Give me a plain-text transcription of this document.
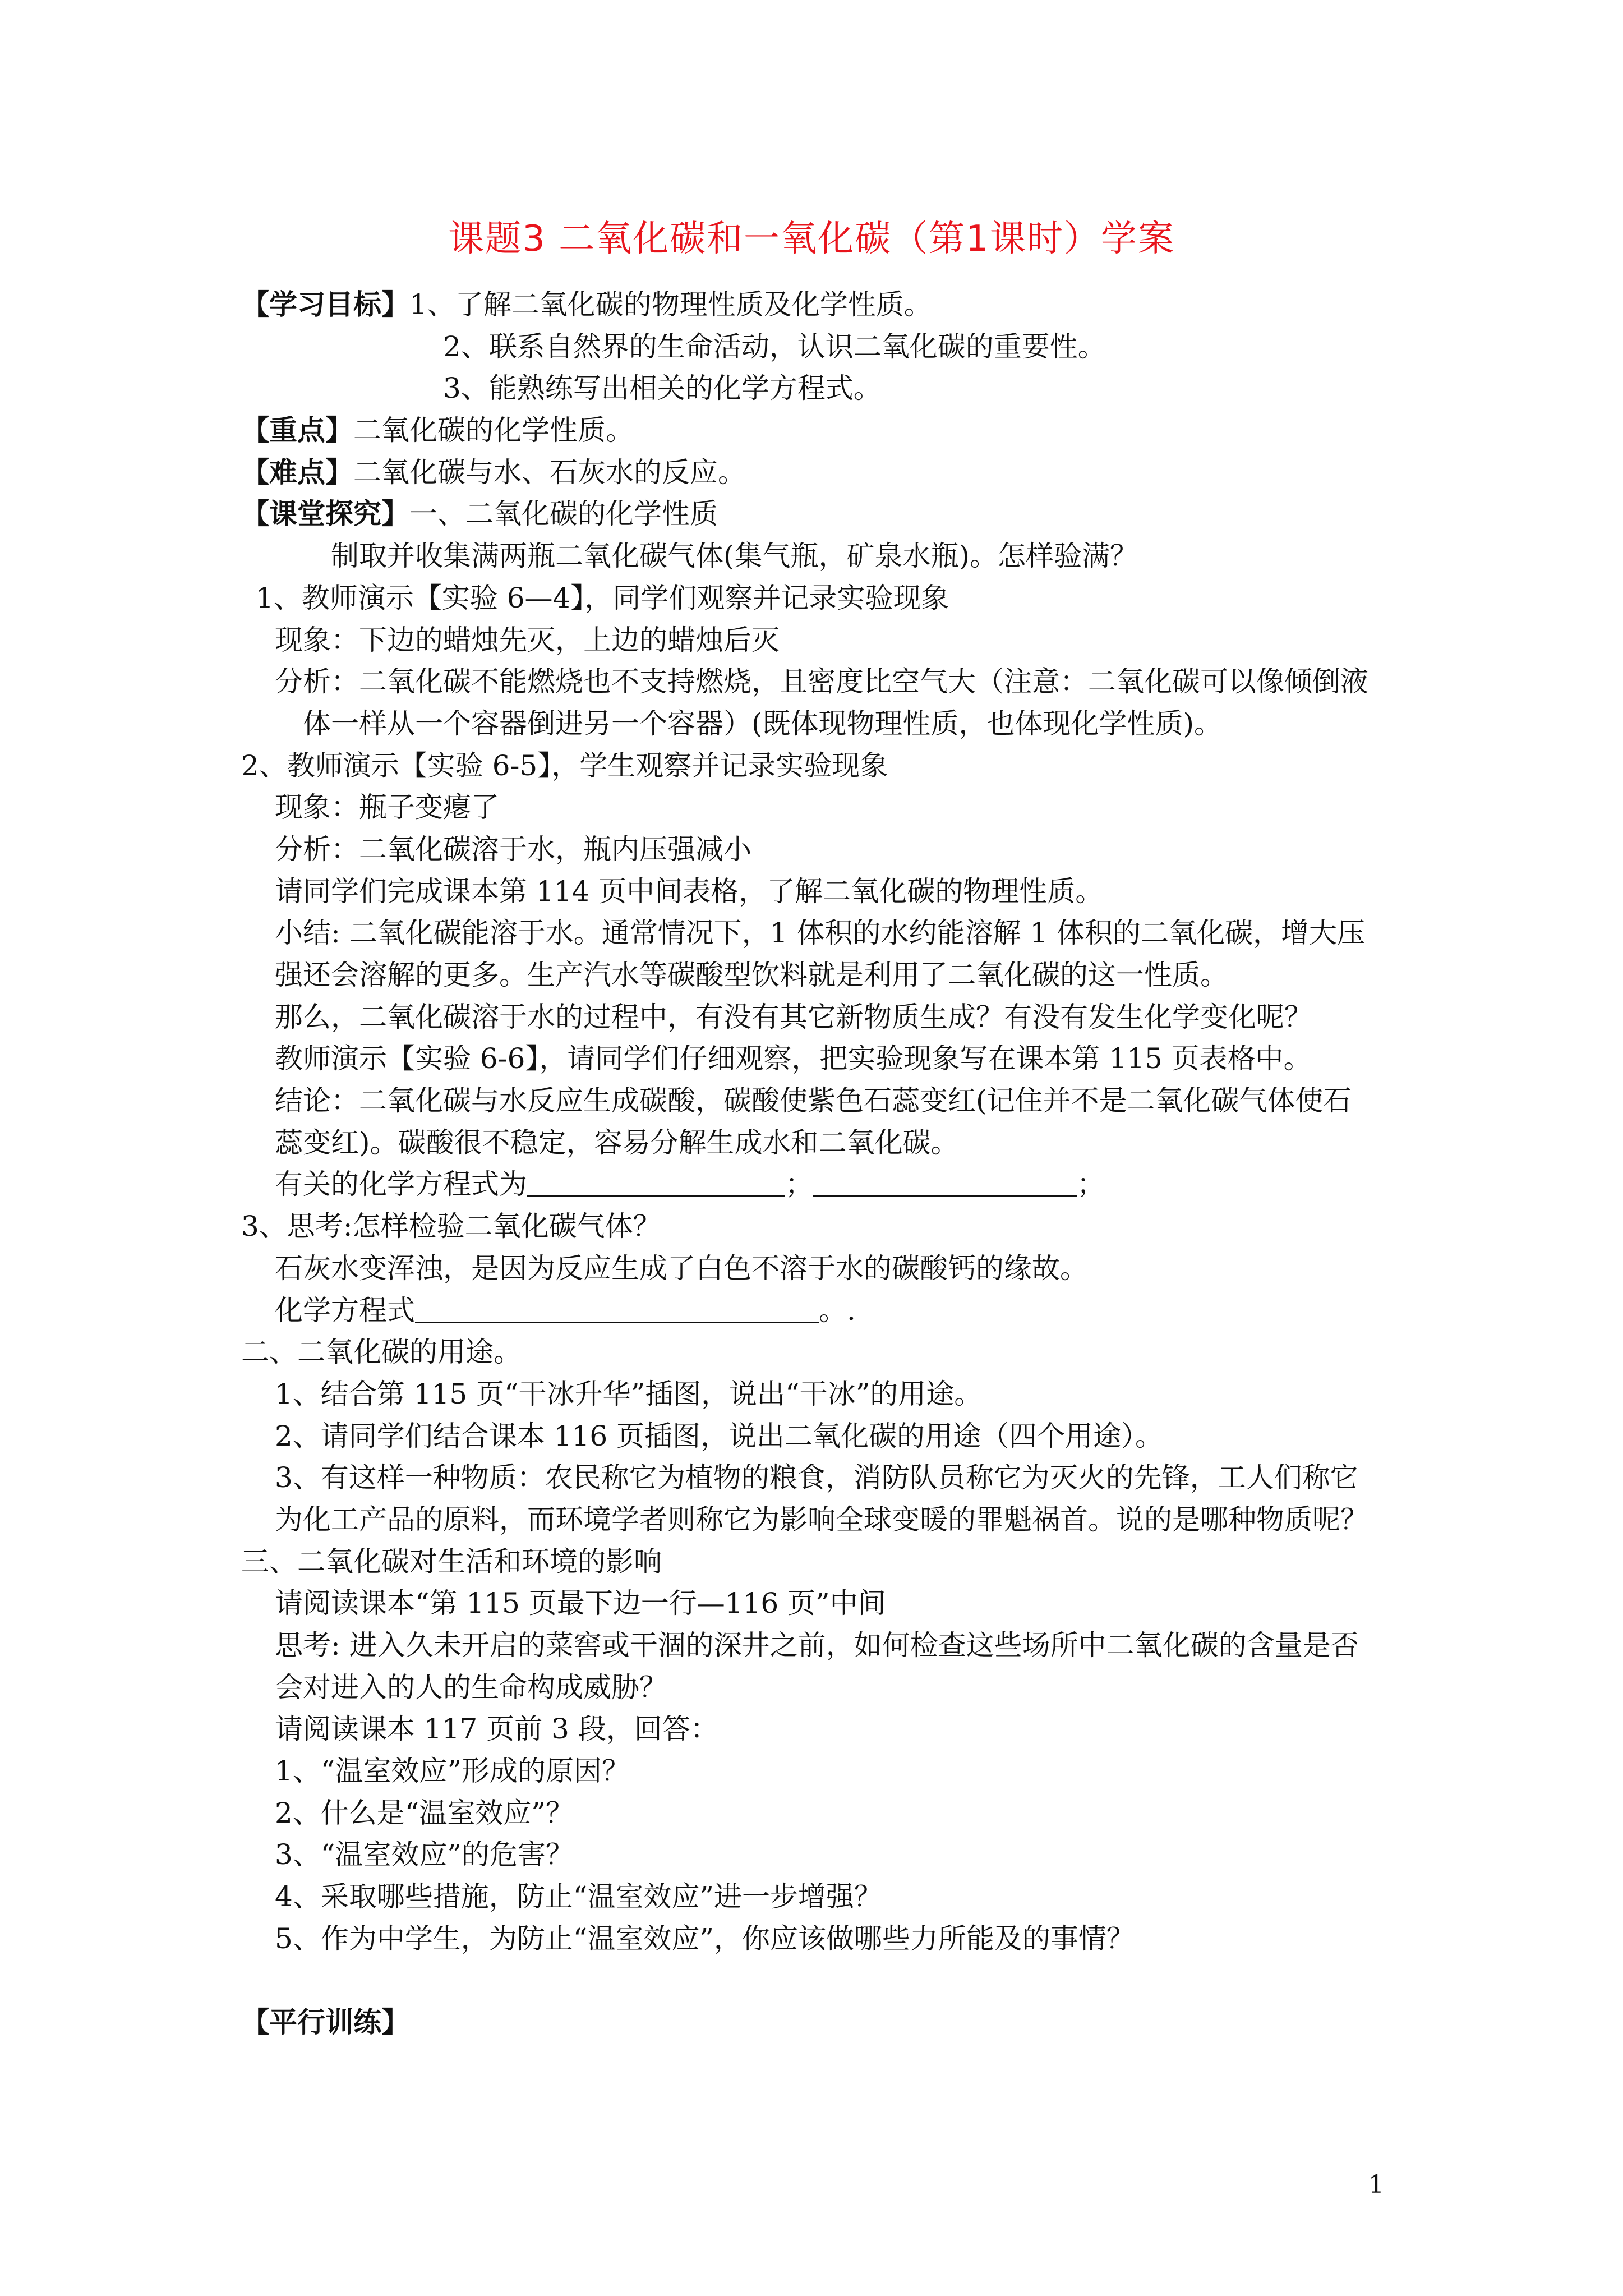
课题3 二氧化碳和一氧化碳（第1课时）学案
【学习目标】1、了解二氧化碳的物理性质及化学性质。
2、联系自然界的生命活动，认识二氧化碳的重要性。
3、能熟练写出相关的化学方程式。
【重点】二氧化碳的化学性质。
【难点】二氧化碳与水、石灰水的反应。
【课堂探究】一、二氧化碳的化学性质
制取并收集满两瓶二氧化碳气体(集气瓶，矿泉水瓶)。怎样验满？
1、教师演示【实验 6—4】，同学们观察并记录实验现象
现象：下边的蜡烛先灭，上边的蜡烛后灭
分析：二氧化碳不能燃烧也不支持燃烧，且密度比空气大（注意：二氧化碳可以像倾倒液
体一样从一个容器倒进另一个容器）(既体现物理性质，也体现化学性质)。
2、教师演示【实验 6-5】，学生观察并记录实验现象
现象：瓶子变瘪了
分析：二氧化碳溶于水，瓶内压强减小
请同学们完成课本第 114 页中间表格，了解二氧化碳的物理性质。
小结: 二氧化碳能溶于水。通常情况下，1 体积的水约能溶解 1 体积的二氧化碳，增大压
强还会溶解的更多。生产汽水等碳酸型饮料就是利用了二氧化碳的这一性质。
那么，二氧化碳溶于水的过程中，有没有其它新物质生成？有没有发生化学变化呢？
教师演示【实验 6-6】，请同学们仔细观察，把实验现象写在课本第 115 页表格中。
结论：二氧化碳与水反应生成碳酸，碳酸使紫色石蕊变红(记住并不是二氧化碳气体使石
蕊变红)。碳酸很不稳定，容易分解生成水和二氧化碳。
有关的化学方程式为	；	；
3、思考:怎样检验二氧化碳气体？
石灰水变浑浊，是因为反应生成了白色不溶于水的碳酸钙的缘故。
化学方程式	。.
二、二氧化碳的用途。
1、结合第 115 页“干冰升华”插图，说出“干冰”的用途。
2、请同学们结合课本 116 页插图，说出二氧化碳的用途（四个用途）。
3、有这样一种物质：农民称它为植物的粮食，消防队员称它为灭火的先锋，工人们称它
为化工产品的原料，而环境学者则称它为影响全球变暖的罪魁祸首。说的是哪种物质呢？
三、二氧化碳对生活和环境的影响
请阅读课本“第 115 页最下边一行—116 页”中间
思考: 进入久未开启的菜窖或干涸的深井之前，如何检查这些场所中二氧化碳的含量是否
会对进入的人的生命构成威胁？
请阅读课本 117 页前 3 段，回答：
1、“温室效应”形成的原因？
2、什么是“温室效应”？
3、“温室效应”的危害？
4、采取哪些措施，防止“温室效应”进一步增强？
5、作为中学生，为防止“温室效应”，你应该做哪些力所能及的事情？
【平行训练】
1
